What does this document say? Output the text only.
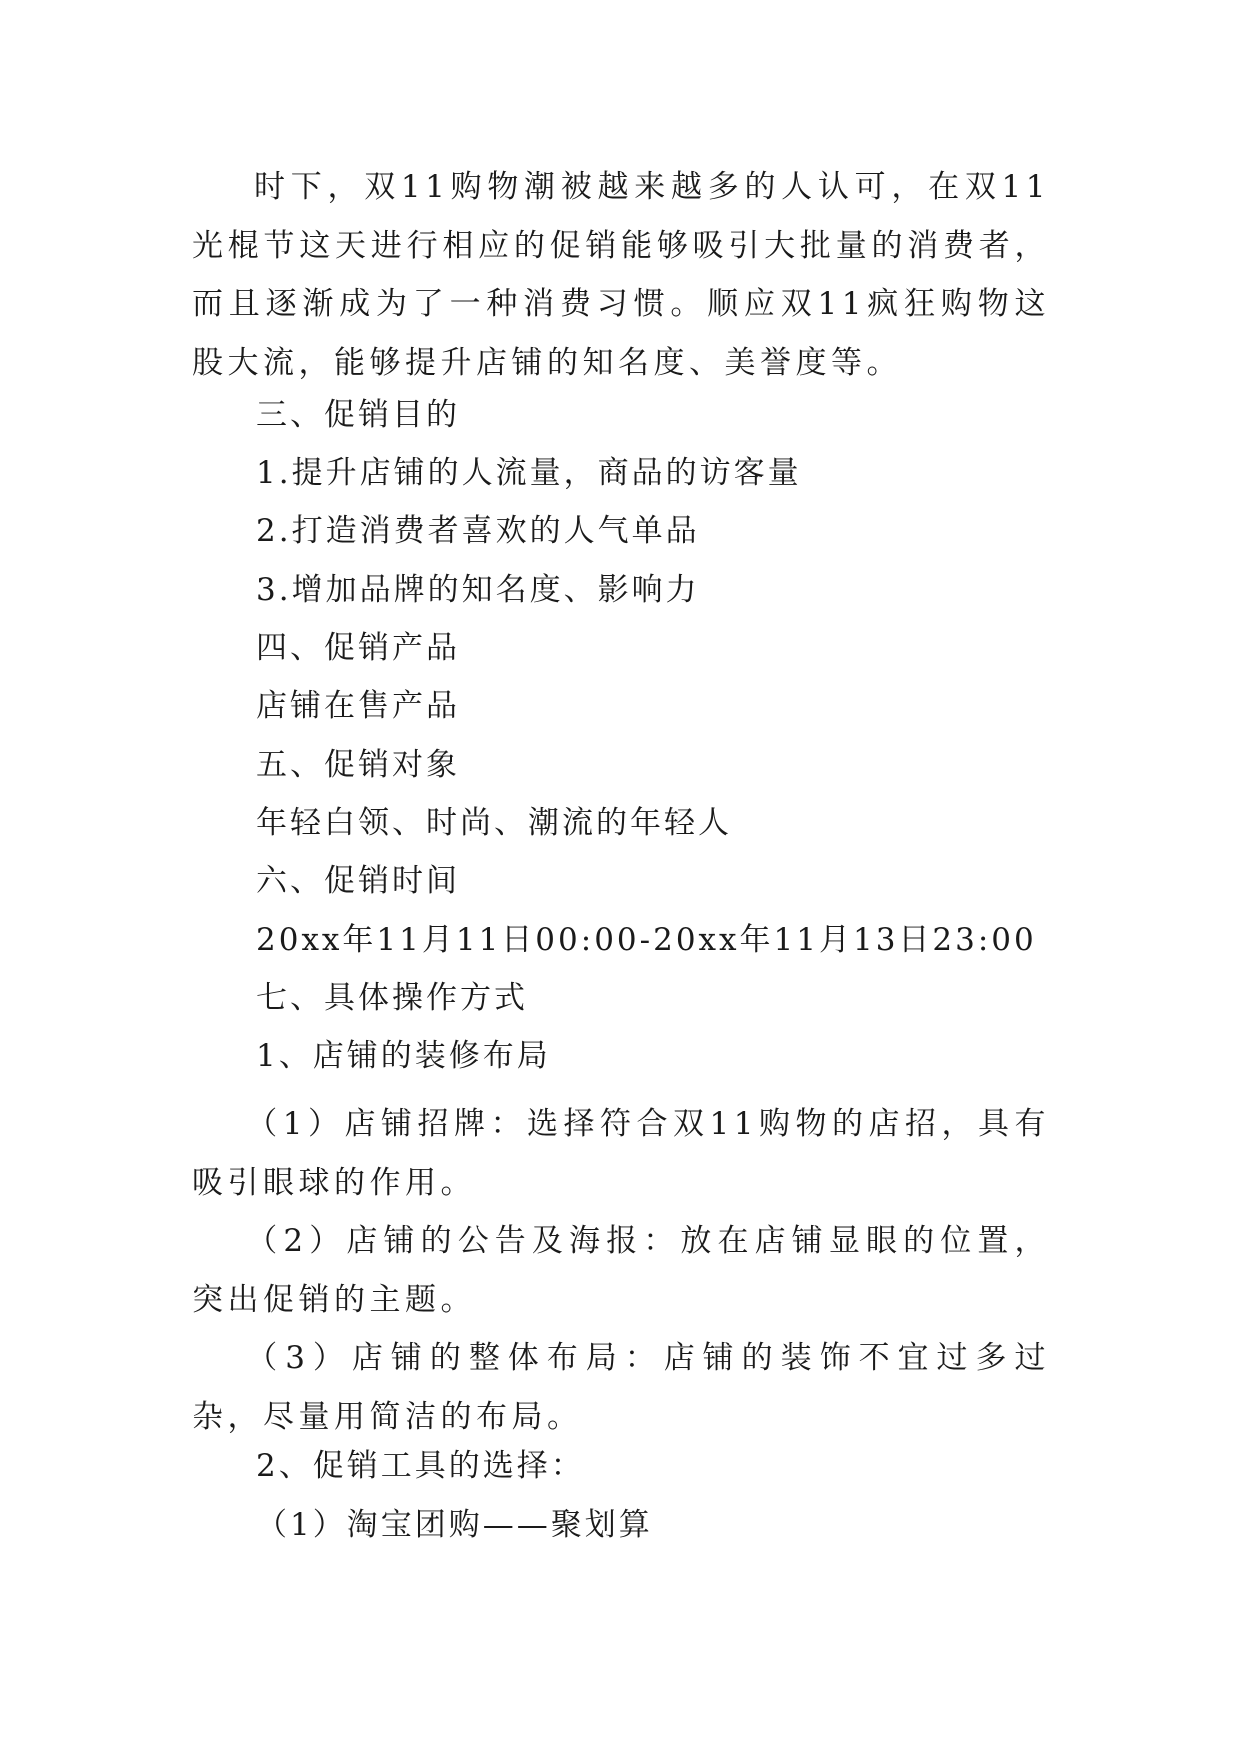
时下，双11购物潮被越来越多的人认可，在双11光棍节这天进行相应的促销能够吸引大批量的消费者，而且逐渐成为了一种消费习惯。顺应双11疯狂购物这股大流，能够提升店铺的知名度、美誉度等。
三、促销目的
1.提升店铺的人流量，商品的访客量
2.打造消费者喜欢的人气单品
3.增加品牌的知名度、影响力
四、促销产品
店铺在售产品
五、促销对象
年轻白领、时尚、潮流的年轻人
六、促销时间
20xx年11月11日00:00-20xx年11月13日23:00
七、具体操作方式
1、店铺的装修布局
（1）店铺招牌：选择符合双11购物的店招，具有吸引眼球的作用。
（2）店铺的公告及海报：放在店铺显眼的位置，突出促销的主题。
（3）店铺的整体布局：店铺的装饰不宜过多过杂，尽量用简洁的布局。
2、促销工具的选择：
（1）淘宝团购——聚划算
